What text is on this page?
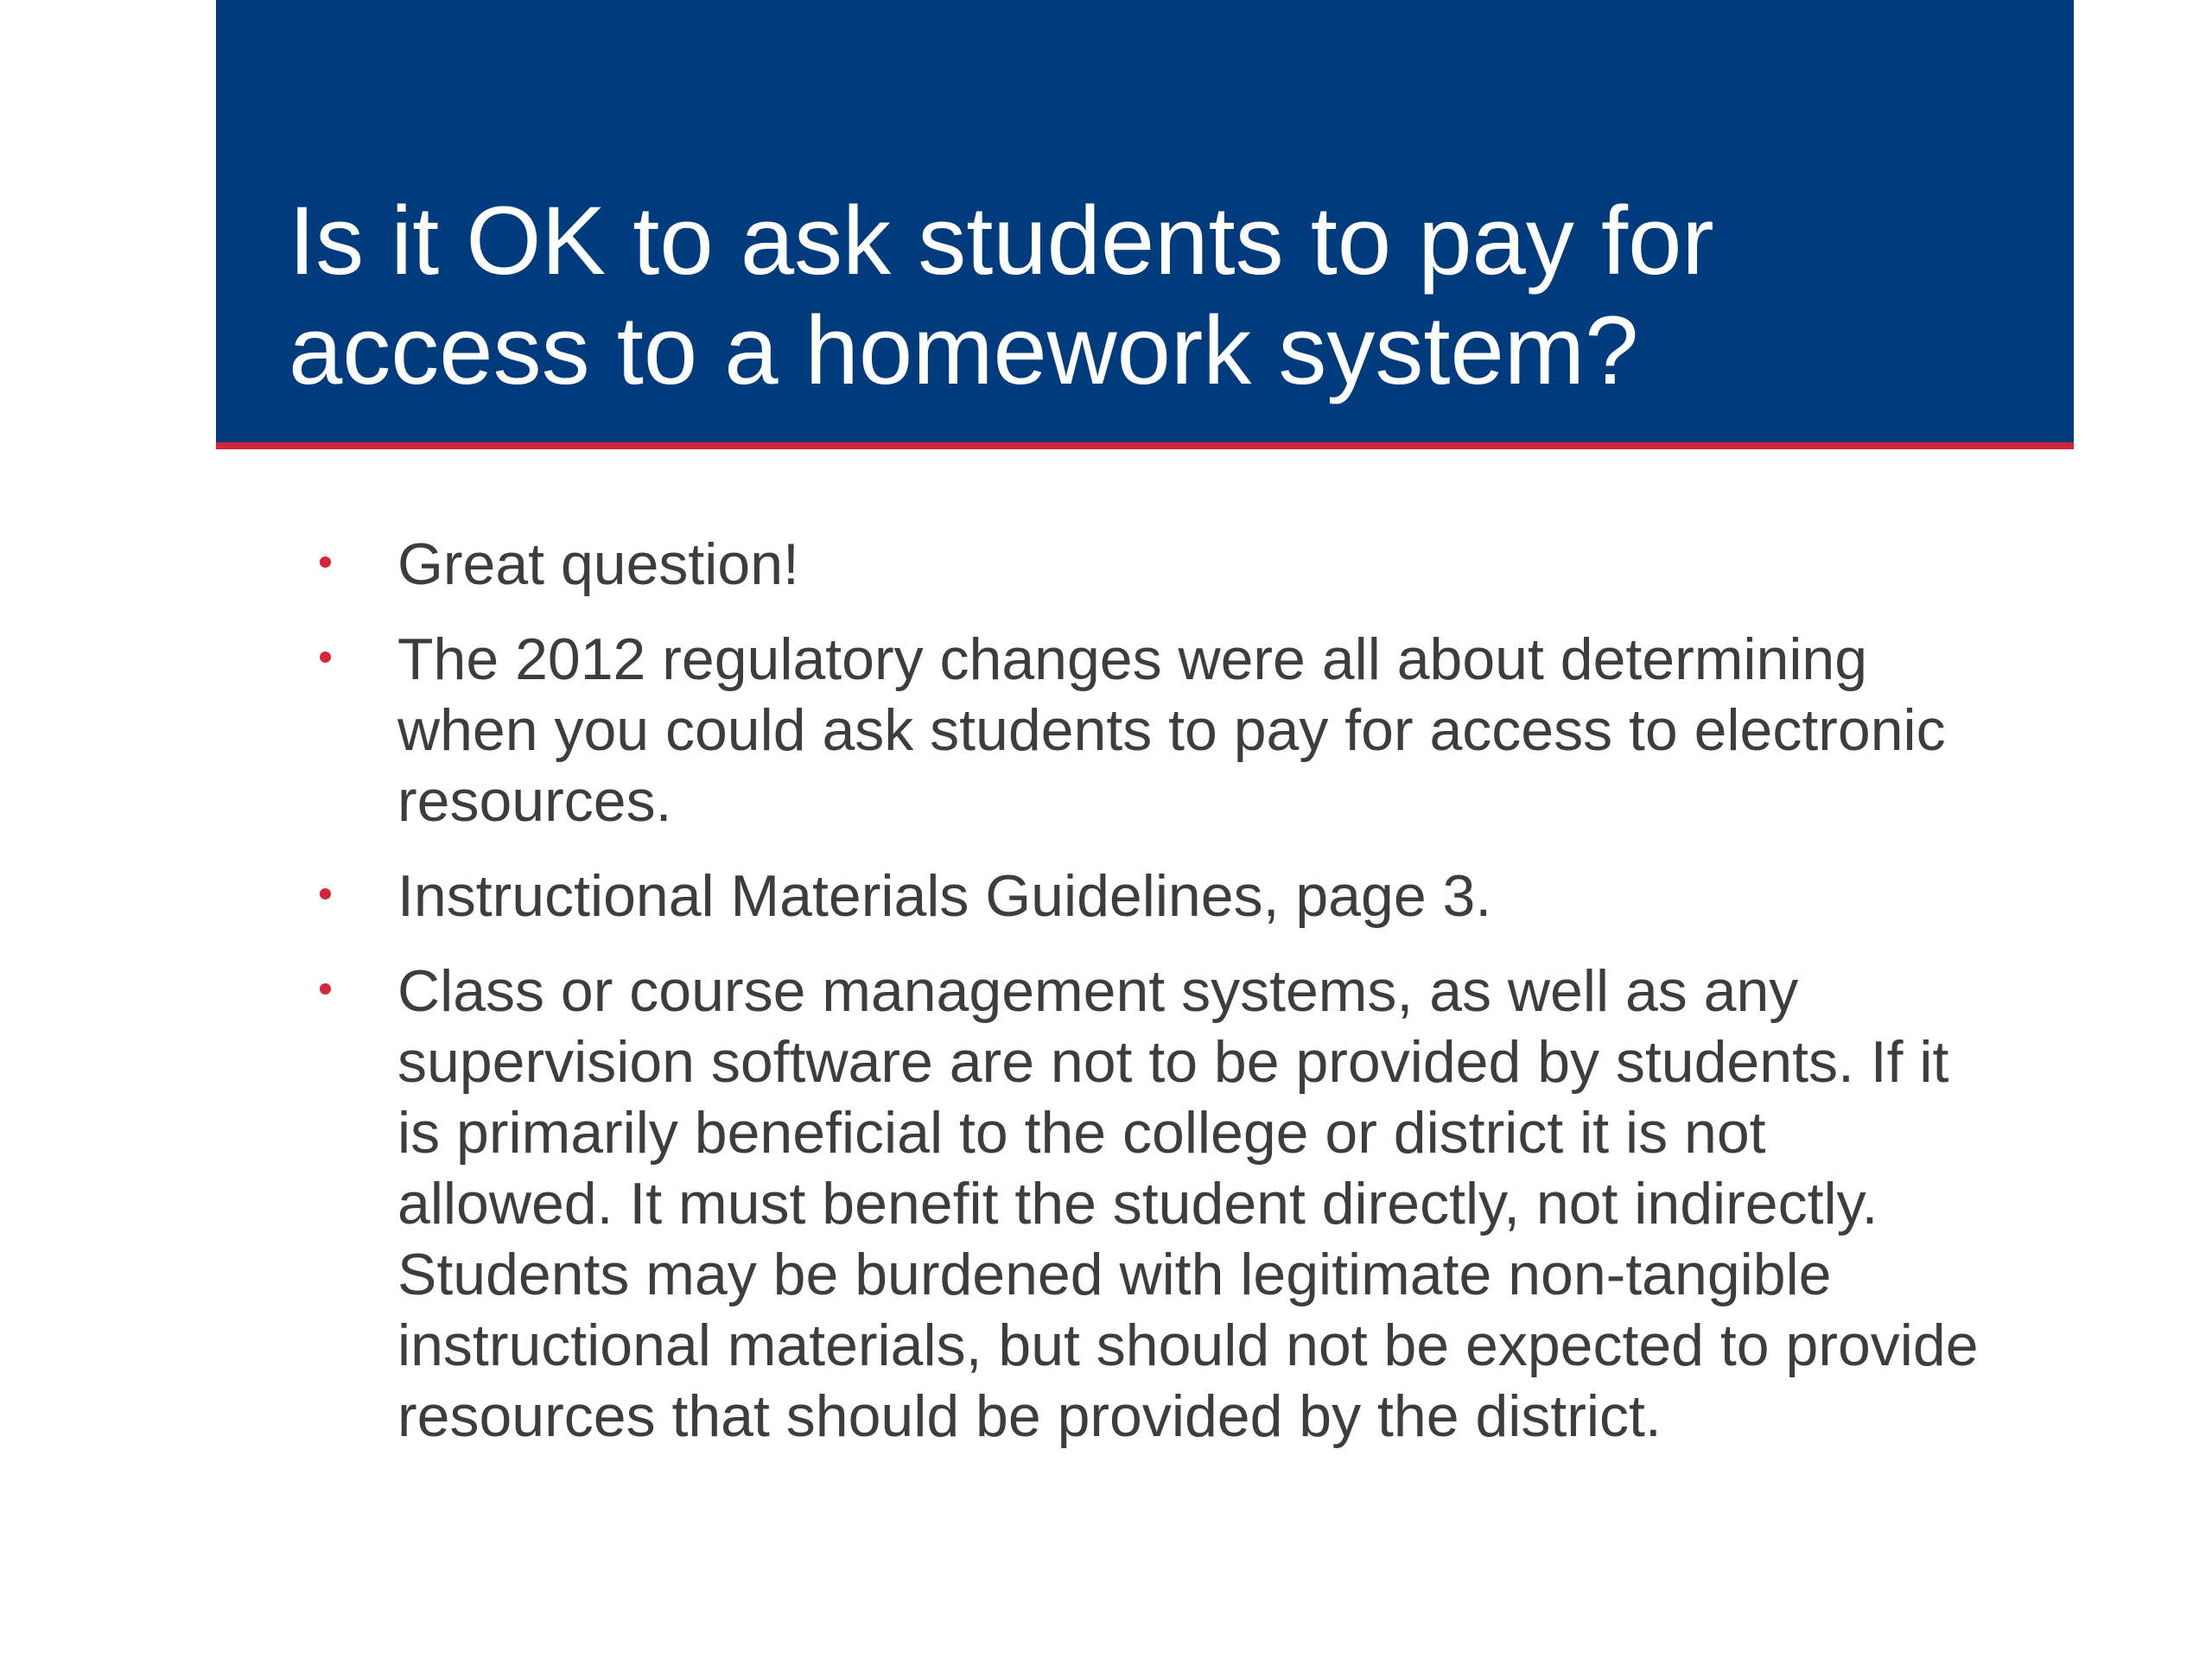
Is it OK to ask students to pay for
access to a homework system?
Great question!
The 2012 regulatory changes were all about determining
when you could ask students to pay for access to electronic
resources.
Instructional Materials Guidelines, page 3.
Class or course management systems, as well as any
supervision software are not to be provided by students. If it
is primarily beneficial to the college or district it is not
allowed. It must benefit the student directly, not indirectly.
Students may be burdened with legitimate non-tangible
instructional materials, but should not be expected to provide
resources that should be provided by the district.
